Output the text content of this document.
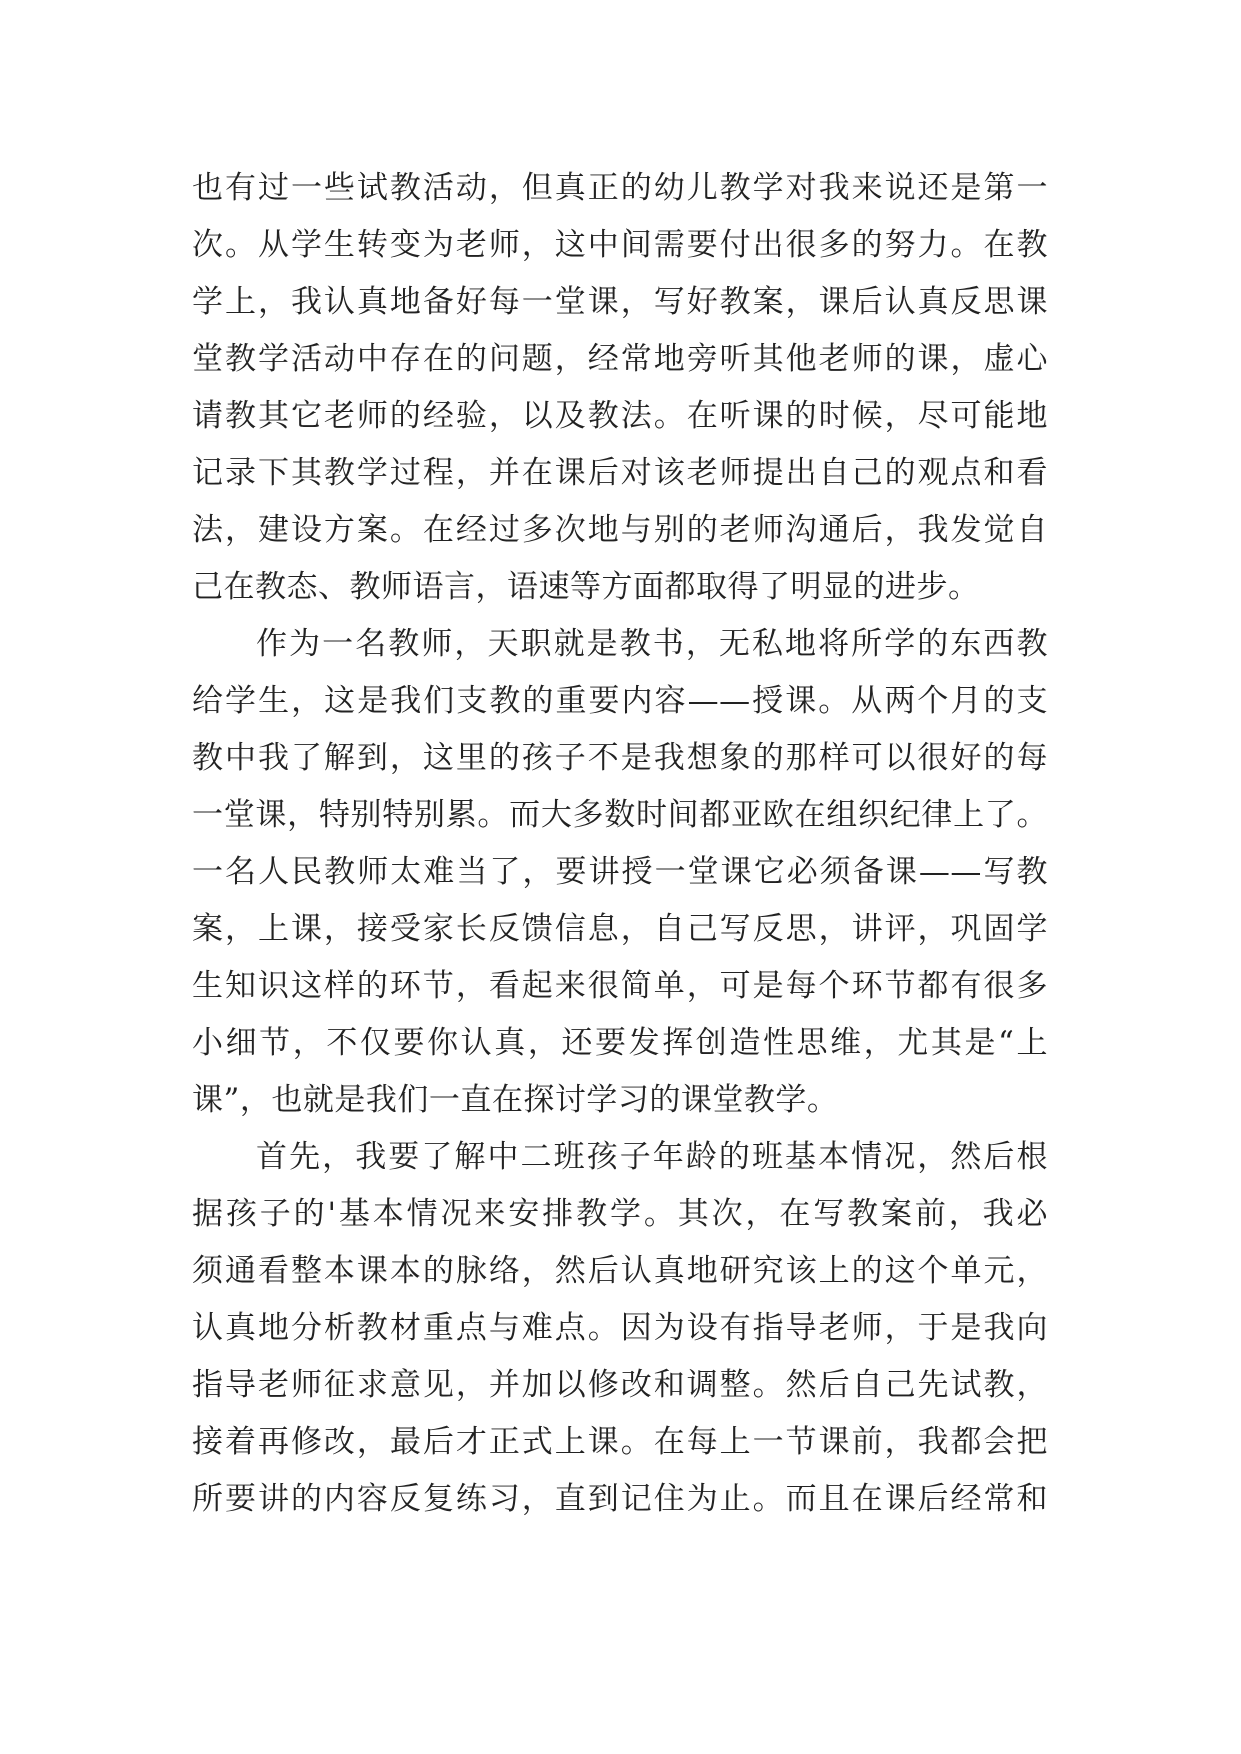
也有过一些试教活动，但真正的幼儿教学对我来说还是第一
次。从学生转变为老师，这中间需要付出很多的努力。在教
学上，我认真地备好每一堂课，写好教案，课后认真反思课
堂教学活动中存在的问题，经常地旁听其他老师的课，虚心
请教其它老师的经验，以及教法。在听课的时候，尽可能地
记录下其教学过程，并在课后对该老师提出自己的观点和看
法，建设方案。在经过多次地与别的老师沟通后，我发觉自
己在教态、教师语言，语速等方面都取得了明显的进步。
作为一名教师，天职就是教书，无私地将所学的东西教
给学生，这是我们支教的重要内容——授课。从两个月的支
教中我了解到，这里的孩子不是我想象的那样可以很好的每
一堂课，特别特别累。而大多数时间都亚欧在组织纪律上了。
一名人民教师太难当了，要讲授一堂课它必须备课——写教
案，上课，接受家长反馈信息，自己写反思，讲评，巩固学
生知识这样的环节，看起来很简单，可是每个环节都有很多
小细节，不仅要你认真，还要发挥创造性思维，尤其是“上
课”，也就是我们一直在探讨学习的课堂教学。
首先，我要了解中二班孩子年龄的班基本情况，然后根
据孩子的'基本情况来安排教学。其次，在写教案前，我必
须通看整本课本的脉络，然后认真地研究该上的这个单元，
认真地分析教材重点与难点。因为设有指导老师，于是我向
指导老师征求意见，并加以修改和调整。然后自己先试教，
接着再修改，最后才正式上课。在每上一节课前，我都会把
所要讲的内容反复练习，直到记住为止。而且在课后经常和
